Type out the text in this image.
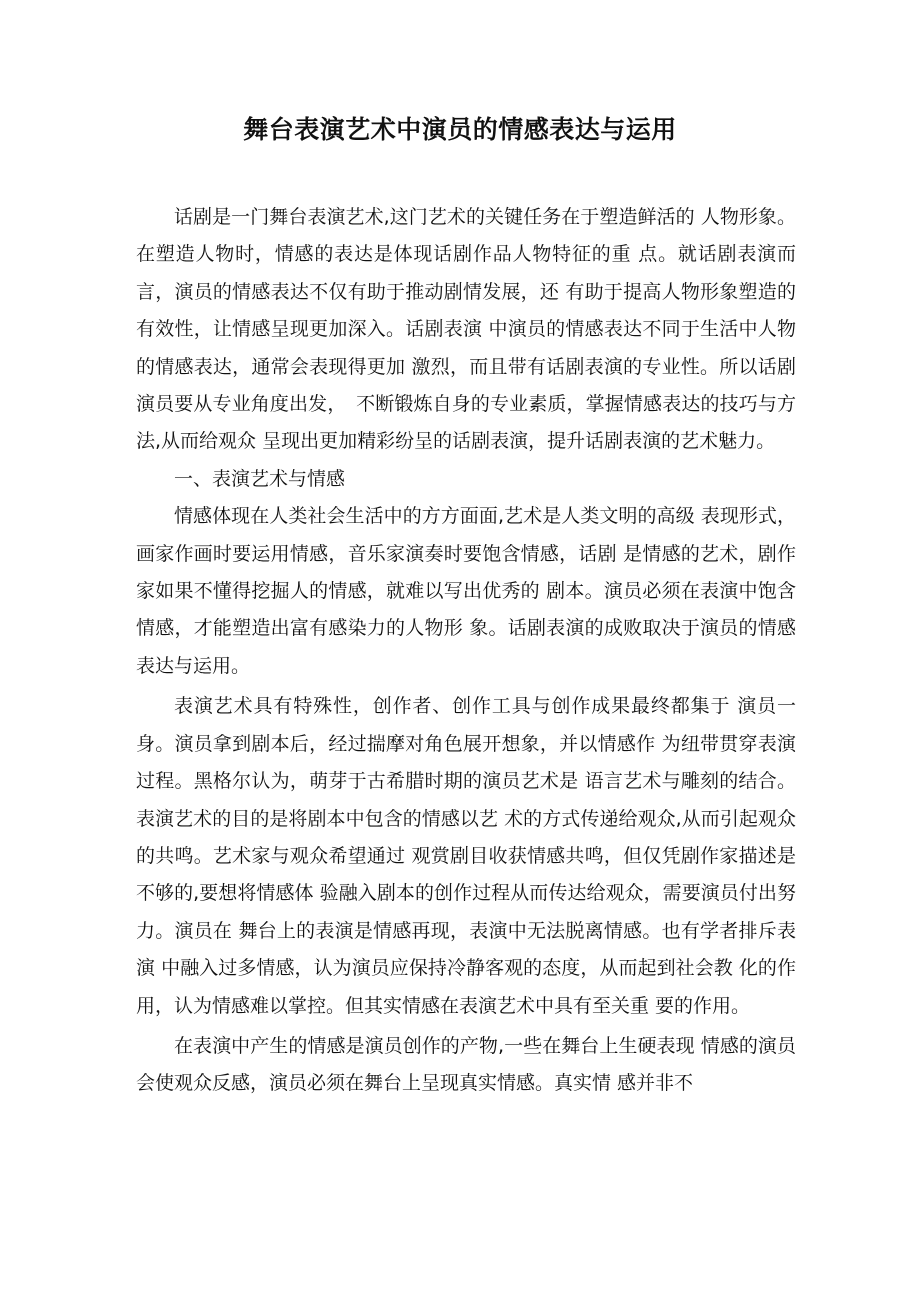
舞台表演艺术中演员的情感表达与运用

话剧是一门舞台表演艺术,这门艺术的关键任务在于塑造鲜活的 人物形象。在塑造人物时，情感的表达是体现话剧作品人物特征的重 点。就话剧表演而言，演员的情感表达不仅有助于推动剧情发展，还 有助于提高人物形象塑造的有效性，让情感呈现更加深入。话剧表演 中演员的情感表达不同于生活中人物的情感表达，通常会表现得更加 激烈，而且带有话剧表演的专业性。所以话剧演员要从专业角度出发，　不断锻炼自身的专业素质，掌握情感表达的技巧与方法,从而给观众 呈现出更加精彩纷呈的话剧表演，提升话剧表演的艺术魅力。

一、表演艺术与情感

情感体现在人类社会生活中的方方面面,艺术是人类文明的高级 表现形式，画家作画时要运用情感，音乐家演奏时要饱含情感，话剧 是情感的艺术，剧作家如果不懂得挖掘人的情感，就难以写出优秀的 剧本。演员必须在表演中饱含情感，才能塑造出富有感染力的人物形 象。话剧表演的成败取决于演员的情感表达与运用。

表演艺术具有特殊性，创作者、创作工具与创作成果最终都集于 演员一身。演员拿到剧本后，经过揣摩对角色展开想象，并以情感作 为纽带贯穿表演过程。黑格尔认为，萌芽于古希腊时期的演员艺术是 语言艺术与雕刻的结合。表演艺术的目的是将剧本中包含的情感以艺 术的方式传递给观众,从而引起观众的共鸣。艺术家与观众希望通过 观赏剧目收获情感共鸣，但仅凭剧作家描述是不够的,要想将情感体 验融入剧本的创作过程从而传达给观众，需要演员付出努力。演员在 舞台上的表演是情感再现，表演中无法脱离情感。也有学者排斥表演 中融入过多情感，认为演员应保持冷静客观的态度，从而起到社会教 化的作用，认为情感难以掌控。但其实情感在表演艺术中具有至关重 要的作用。

在表演中产生的情感是演员创作的产物,一些在舞台上生硬表现 情感的演员会使观众反感，演员必须在舞台上呈现真实情感。真实情 感并非不
